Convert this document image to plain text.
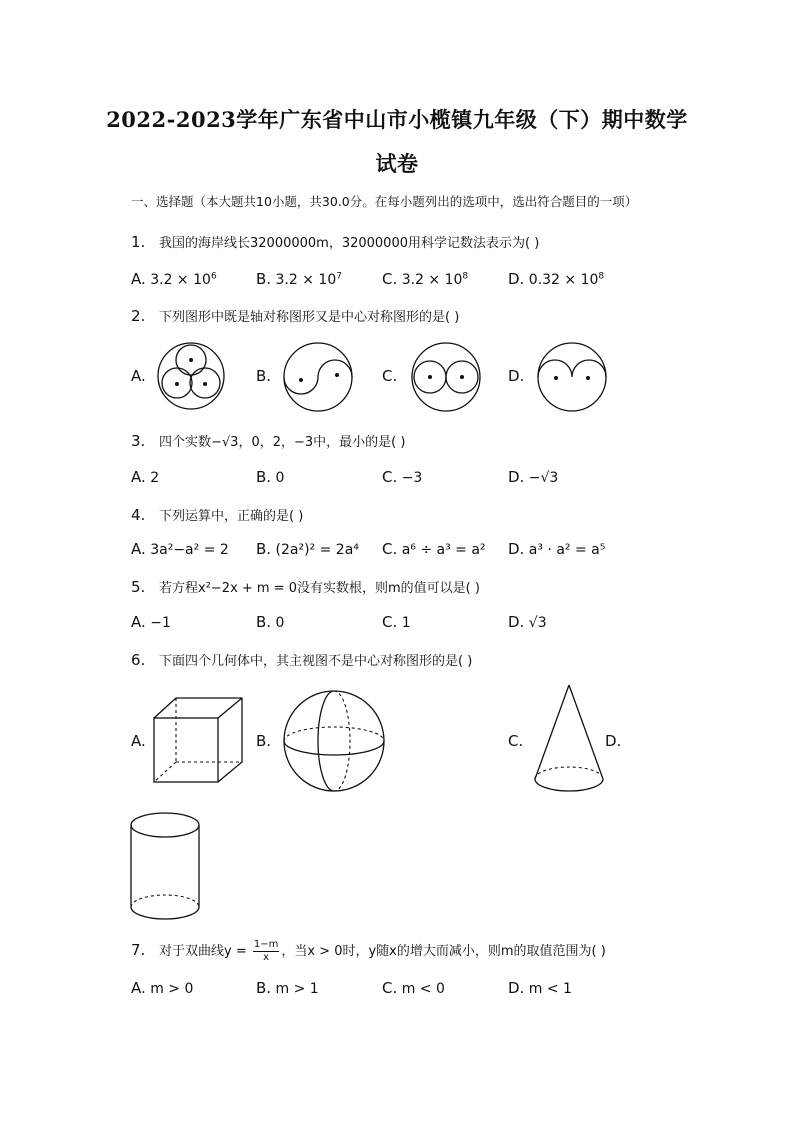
2022-2023学年广东省中山市小榄镇九年级（下）期中数学
试卷
一、选择题（本大题共10小题，共30.0分。在每小题列出的选项中，选出符合题目的一项）
1. 我国的海岸线长32000000m，32000000用科学记数法表示为( )
A. $3.2 \times 10^6$	B. $3.2 \times 10^7$	C. $3.2 \times 10^8$	D. $0.32 \times 10^8$
2. 下列图形中既是轴对称图形又是中心对称图形的是( )
A.	B.	C.	D.
3. 四个实数−√3，0，2，−3中，最小的是( )
A. 2	B. 0	C. −3	D. −√3
4. 下列运算中，正确的是( )
A. 3a²−a² = 2 B. (2a²)² = 2a⁴ C. a⁶ ÷ a³ = a² D. a³ · a² = a⁵
5. 若方程x²−2x + m = 0没有实数根，则m的值可以是( )
A. −1	B. 0	C. 1	D. √3
6. 下面四个几何体中，其主视图不是中心对称图形的是( )
A.	B.	C.	D.
7. 对于双曲线$y = \frac{1-m}{x}$ ，当x > 0时，y随x的增大而减小，则m的取值范围为( )
A. m > 0	B. m > 1	C. m < 0	D. m < 1
